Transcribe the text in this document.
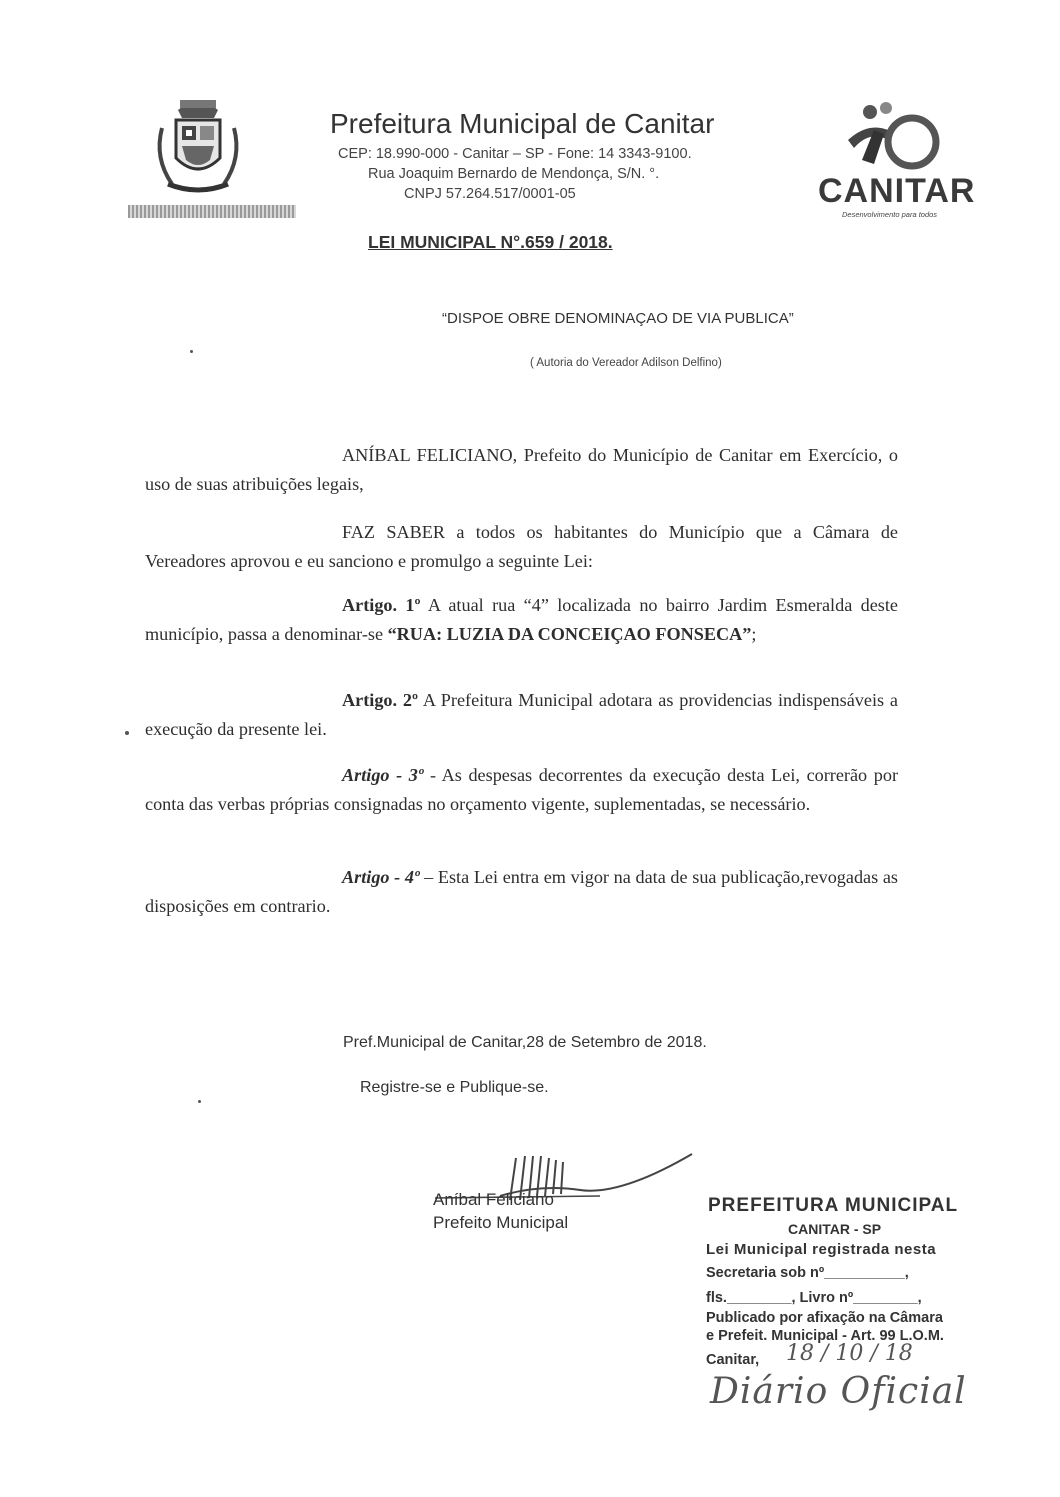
Prefeitura Municipal de Canitar
CEP: 18.990-000 - Canitar – SP - Fone: 14 3343-9100.
Rua Joaquim Bernardo de Mendonça, S/N. °.
CNPJ 57.264.517/0001-05	CANITAR
Desenvolvimento para todos
LEI MUNICIPAL N°.659 / 2018.
“DISPOE OBRE DENOMINAÇAO DE VIA PUBLICA”
( Autoria do Vereador Adilson Delfino)
ANÍBAL FELICIANO, Prefeito do Município de Canitar em Exercício, o uso de suas atribuições legais,
FAZ SABER a todos os habitantes do Município que a Câmara de Vereadores aprovou e eu sanciono e promulgo a seguinte Lei:
Artigo. 1º A atual rua “4” localizada no bairro Jardim Esmeralda deste município, passa a denominar-se “RUA: LUZIA DA CONCEIÇAO FONSECA”;
Artigo. 2º A Prefeitura Municipal adotara as providencias indispensáveis a execução da presente lei.
Artigo - 3º - As despesas decorrentes da execução desta Lei, correrão por conta das verbas próprias consignadas no orçamento vigente, suplementadas, se necessário.
Artigo - 4º – Esta Lei entra em vigor na data de sua publicação,revogadas as disposições em contrario.
Pref.Municipal de Canitar,28 de Setembro de 2018.
Registre-se e Publique-se.
Aníbal Feliciano
Prefeito Municipal
PREFEITURA MUNICIPAL
CANITAR - SP
Lei Municipal registrada nesta
Secretaria sob nº__________,
fls.________, Livro nº________,
Publicado por afixação na Câmara
e Prefeit. Municipal - Art. 99 L.O.M.
Canitar, 18 / 10 / 18
Diário Oficial
